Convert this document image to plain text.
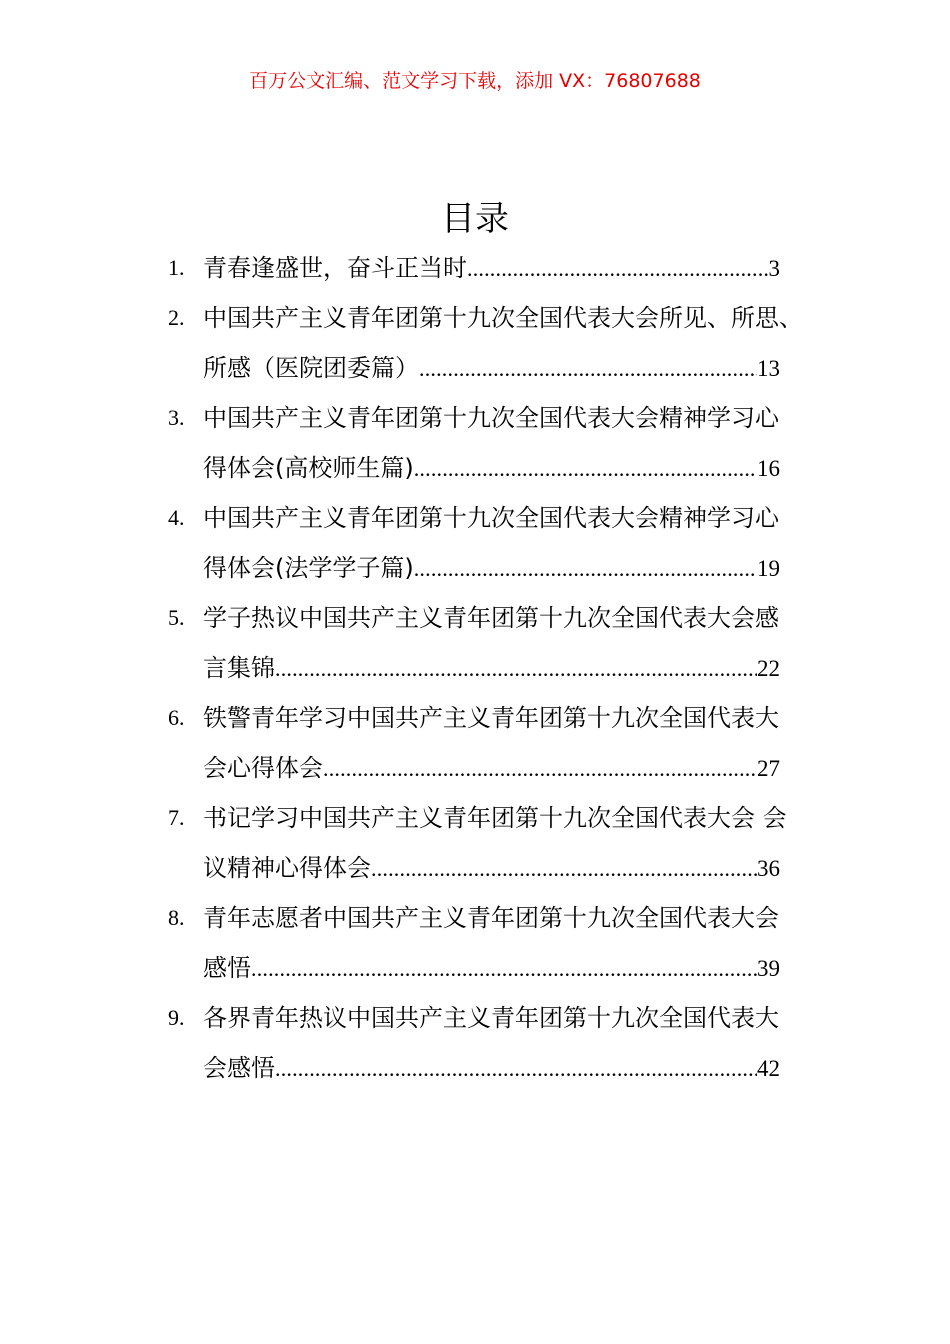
百万公文汇编、范文学习下载，添加 VX：76807688
目录
1. 青春逢盛世，奋斗正当时 .....	3
2. 中国共产主义青年团第十九次全国代表大会所见、所思、
所感（医院团委篇） .....	13
3. 中国共产主义青年团第十九次全国代表大会精神学习心
得体会(高校师生篇) .....	16
4. 中国共产主义青年团第十九次全国代表大会精神学习心
得体会(法学学子篇) .....	19
5. 学子热议中国共产主义青年团第十九次全国代表大会感
言集锦 .....	22
6. 铁警青年学习中国共产主义青年团第十九次全国代表大
会心得体会 .....	27
7. 书记学习中国共产主义青年团第十九次全国代表大会 会
议精神心得体会 .....	36
8. 青年志愿者中国共产主义青年团第十九次全国代表大会
感悟 .....	39
9. 各界青年热议中国共产主义青年团第十九次全国代表大
会感悟 .....	42
